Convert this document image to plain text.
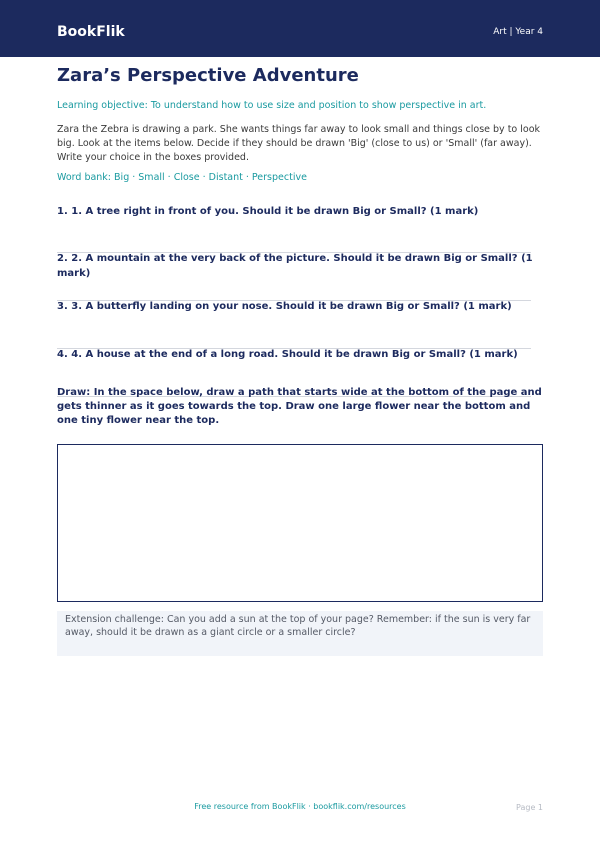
BookFlik	Art | Year 4
Zara’s Perspective Adventure
Learning objective: To understand how to use size and position to show perspective in art.
Zara the Zebra is drawing a park. She wants things far away to look small and things close by to look big. Look at the items below. Decide if they should be drawn 'Big' (close to us) or 'Small' (far away). Write your choice in the boxes provided.
Word bank: Big · Small · Close · Distant · Perspective
1. 1. A tree right in front of you. Should it be drawn Big or Small? (1 mark)
2. 2. A mountain at the very back of the picture. Should it be drawn Big or Small? (1 mark)
3. 3. A butterfly landing on your nose. Should it be drawn Big or Small? (1 mark)
4. 4. A house at the end of a long road. Should it be drawn Big or Small? (1 mark)
Draw: In the space below, draw a path that starts wide at the bottom of the page and gets thinner as it goes towards the top. Draw one large flower near the bottom and one tiny flower near the top.
Extension challenge: Can you add a sun at the top of your page? Remember: if the sun is very far away, should it be drawn as a giant circle or a smaller circle?
Free resource from BookFlik · bookflik.com/resources	Page 1
